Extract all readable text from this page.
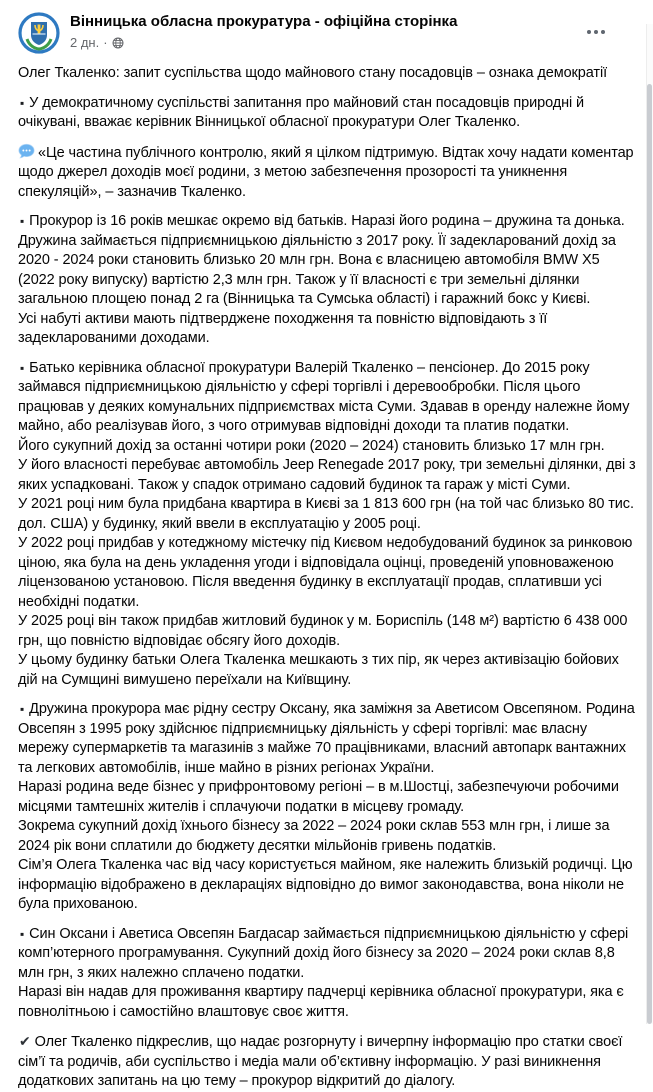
Вінницька обласна прокуратура - офіційна сторінка
2 дн. ·
Олег Ткаленко: запит суспільства щодо майнового стану посадовців – ознака демократії
▪ У демократичному суспільстві запитання про майновий стан посадовців природні й очікувані, вважає керівник Вінницької обласної прокуратури Олег Ткаленко.
«Це частина публічного контролю, який я цілком підтримую. Відтак хочу надати коментар щодо джерел доходів моєї родини, з метою забезпечення прозорості та уникнення спекуляцій», – зазначив Ткаленко.
▪ Прокурор із 16 років мешкає окремо від батьків. Наразі його родина – дружина та донька.
Дружина займається підприємницькою діяльністю з 2017 року. Її задекларований дохід за 2020 - 2024 роки становить близько 20 млн грн. Вона є власницею автомобіля BMW X5 (2022 року випуску) вартістю 2,3 млн грн. Також у її власності є три земельні ділянки загальною площею понад 2 га (Вінницька та Сумська області) і гаражний бокс у Києві.
Усі набуті активи мають підтверджене походження та повністю відповідають з її задекларованими доходами.
▪ Батько керівника обласної прокуратури Валерій Ткаленко – пенсіонер. До 2015 року займався підприємницькою діяльністю у сфері торгівлі і деревообробки. Після цього працював у деяких комунальних підприємствах міста Суми. Здавав в оренду належне йому майно, або реалізував його, з чого отримував відповідні доходи та платив податки.
Його сукупний дохід за останні чотири роки (2020 – 2024) становить близько 17 млн грн.
У його власності перебуває автомобіль Jeep Renegade 2017 року, три земельні ділянки, дві з яких успадковані. Також у спадок отримано садовий будинок та гараж у місті Суми.
У 2021 році ним була придбана квартира в Києві за 1 813 600 грн (на той час близько 80 тис. дол. США) у будинку, який ввели в експлуатацію у 2005 році.
У 2022 році придбав у котеджному містечку під Києвом недобудований будинок за ринковою ціною, яка була на день укладення угоди і відповідала оцінці, проведеній уповноваженою ліцензованою установою. Після введення будинку в експлуатації продав, сплативши усі необхідні податки.
У 2025 році він також придбав житловий будинок у м. Бориспіль (148 м²) вартістю 6 438 000 грн, що повністю відповідає обсягу його доходів.
У цьому будинку батьки Олега Ткаленка мешкають з тих пір, як через активізацію бойових дій на Сумщині вимушено переїхали на Київщину.
▪ Дружина прокурора має рідну сестру Оксану, яка заміжня за Аветисом Овсепяном. Родина Овсепян з 1995 року здійснює підприємницьку діяльність у сфері торгівлі: має власну мережу супермаркетів та магазинів з майже 70 працівниками, власний автопарк вантажних та легкових автомобілів, інше майно в різних регіонах України.
Наразі родина веде бізнес у прифронтовому регіоні – в м.Шостці, забезпечуючи робочими місцями тамтешніх жителів і сплачуючи податки в місцеву громаду.
Зокрема сукупний дохід їхнього бізнесу за 2022 – 2024 роки склав 553 млн грн, і лише за 2024 рік вони сплатили до бюджету десятки мільйонів гривень податків.
Сім’я Олега Ткаленка час від часу користується майном, яке належить близькій родичці. Цю інформацію відображено в деклараціях відповідно до вимог законодавства, вона ніколи не була прихованою.
▪ Син Оксани і Аветиса Овсепян Багдасар займається підприємницькою діяльністю у сфері комп’ютерного програмування. Сукупний дохід його бізнесу за 2020 – 2024 роки склав 8,8 млн грн, з яких належно сплачено податки.
Наразі він надав для проживання квартиру падчерці керівника обласної прокуратури, яка є повнолітньою і самостійно влаштовує своє життя.
✔ Олег Ткаленко підкреслив, що надає розгорнуту і вичерпну інформацію про статки своєї сім’ї та родичів, аби суспільство і медіа мали об’єктивну інформацію. У разі виникнення додаткових запитань на цю тему – прокурор відкритий до діалогу.
